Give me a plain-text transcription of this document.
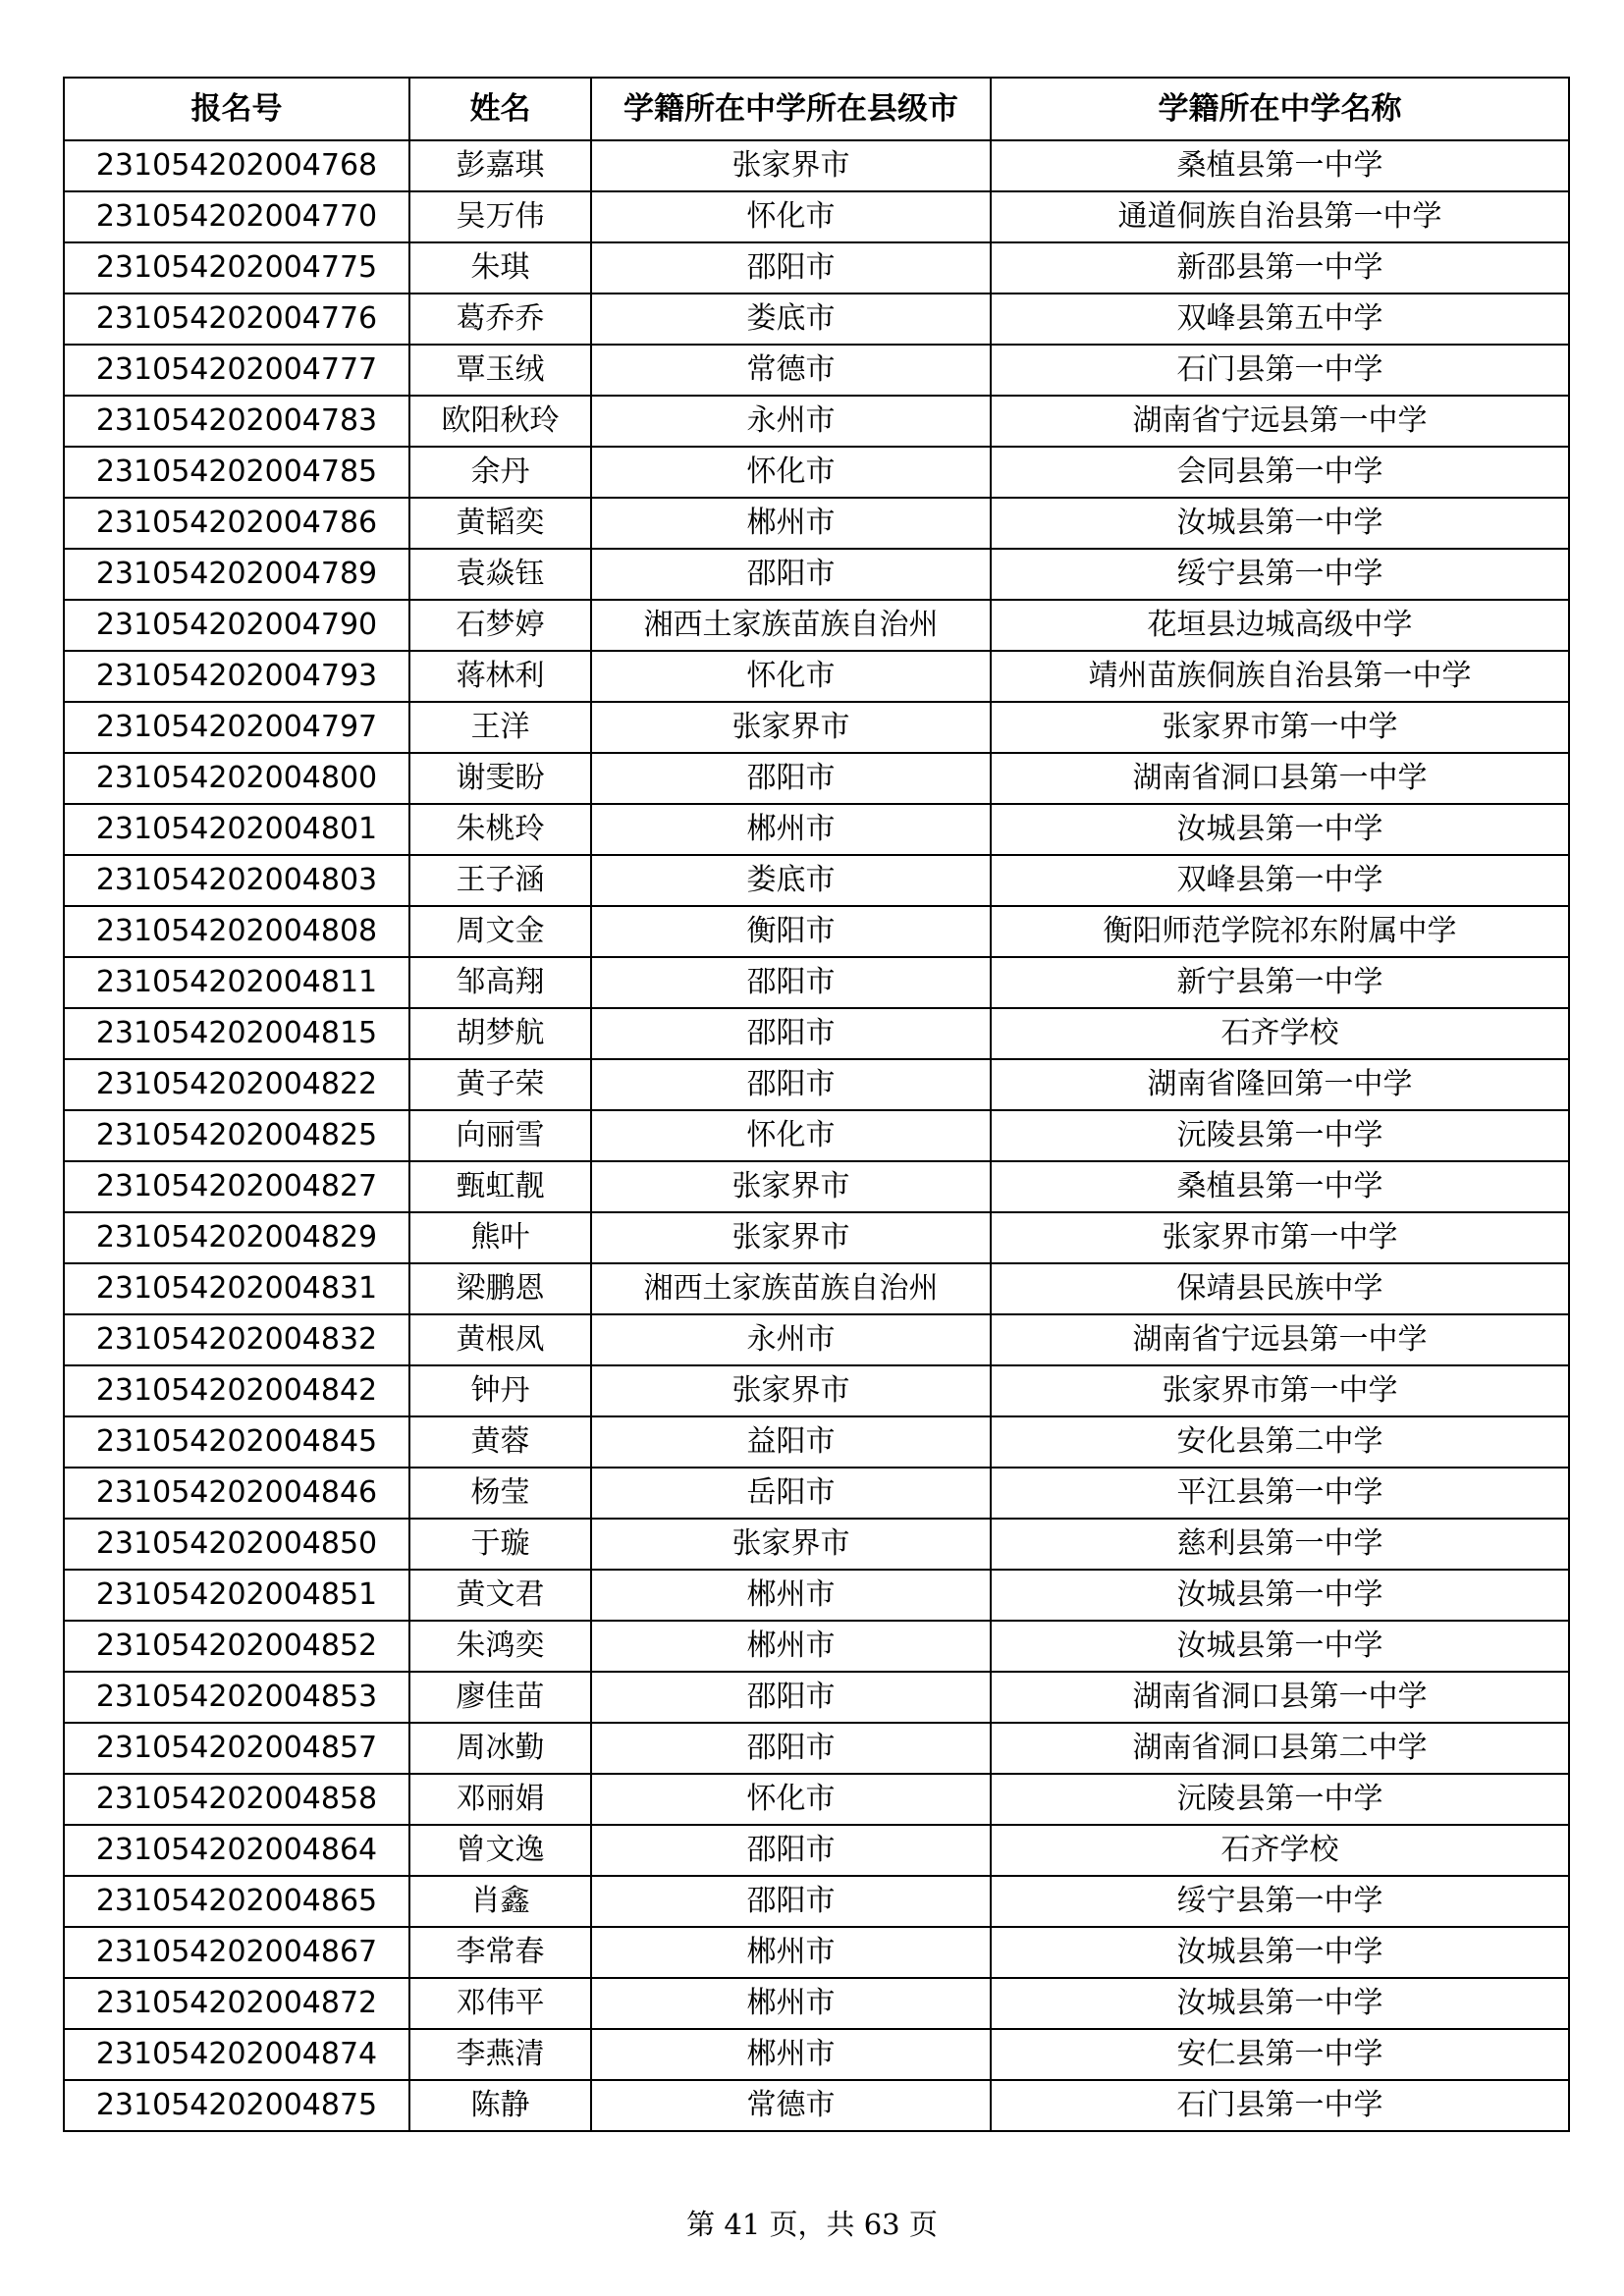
报名号	姓名	学籍所在中学所在县级市	学籍所在中学名称
231054202004768	彭嘉琪	张家界市	桑植县第一中学
231054202004770	吴万伟	怀化市	通道侗族自治县第一中学
231054202004775	朱琪	邵阳市	新邵县第一中学
231054202004776	葛乔乔	娄底市	双峰县第五中学
231054202004777	覃玉绒	常德市	石门县第一中学
231054202004783	欧阳秋玲	永州市	湖南省宁远县第一中学
231054202004785	余丹	怀化市	会同县第一中学
231054202004786	黄韬奕	郴州市	汝城县第一中学
231054202004789	袁焱钰	邵阳市	绥宁县第一中学
231054202004790	石梦婷	湘西土家族苗族自治州	花垣县边城高级中学
231054202004793	蒋林利	怀化市	靖州苗族侗族自治县第一中学
231054202004797	王洋	张家界市	张家界市第一中学
231054202004800	谢雯盼	邵阳市	湖南省洞口县第一中学
231054202004801	朱桃玲	郴州市	汝城县第一中学
231054202004803	王子涵	娄底市	双峰县第一中学
231054202004808	周文金	衡阳市	衡阳师范学院祁东附属中学
231054202004811	邹高翔	邵阳市	新宁县第一中学
231054202004815	胡梦航	邵阳市	石齐学校
231054202004822	黄子荣	邵阳市	湖南省隆回第一中学
231054202004825	向丽雪	怀化市	沅陵县第一中学
231054202004827	甄虹靓	张家界市	桑植县第一中学
231054202004829	熊叶	张家界市	张家界市第一中学
231054202004831	梁鹏恩	湘西土家族苗族自治州	保靖县民族中学
231054202004832	黄根凤	永州市	湖南省宁远县第一中学
231054202004842	钟丹	张家界市	张家界市第一中学
231054202004845	黄蓉	益阳市	安化县第二中学
231054202004846	杨莹	岳阳市	平江县第一中学
231054202004850	于璇	张家界市	慈利县第一中学
231054202004851	黄文君	郴州市	汝城县第一中学
231054202004852	朱鸿奕	郴州市	汝城县第一中学
231054202004853	廖佳苗	邵阳市	湖南省洞口县第一中学
231054202004857	周冰勤	邵阳市	湖南省洞口县第二中学
231054202004858	邓丽娟	怀化市	沅陵县第一中学
231054202004864	曾文逸	邵阳市	石齐学校
231054202004865	肖鑫	邵阳市	绥宁县第一中学
231054202004867	李常春	郴州市	汝城县第一中学
231054202004872	邓伟平	郴州市	汝城县第一中学
231054202004874	李燕清	郴州市	安仁县第一中学
231054202004875	陈静	常德市	石门县第一中学
第 41 页，共 63 页
